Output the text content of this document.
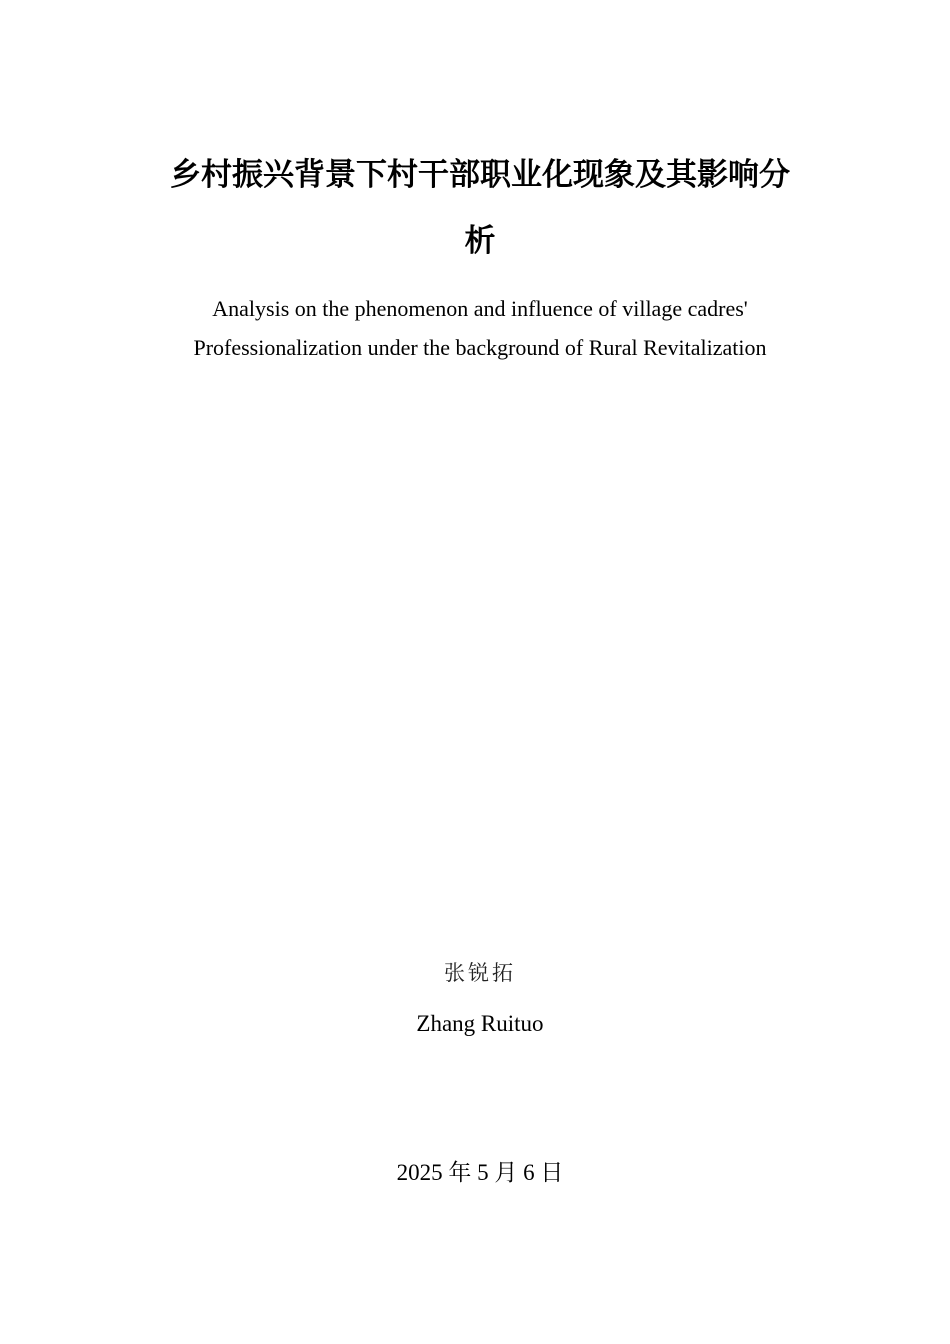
乡村振兴背景下村干部职业化现象及其影响分
析
Analysis on the phenomenon and influence of village cadres'
Professionalization under the background of Rural Revitalization
张锐拓
Zhang Ruituo
2025 年 5 月 6 日
